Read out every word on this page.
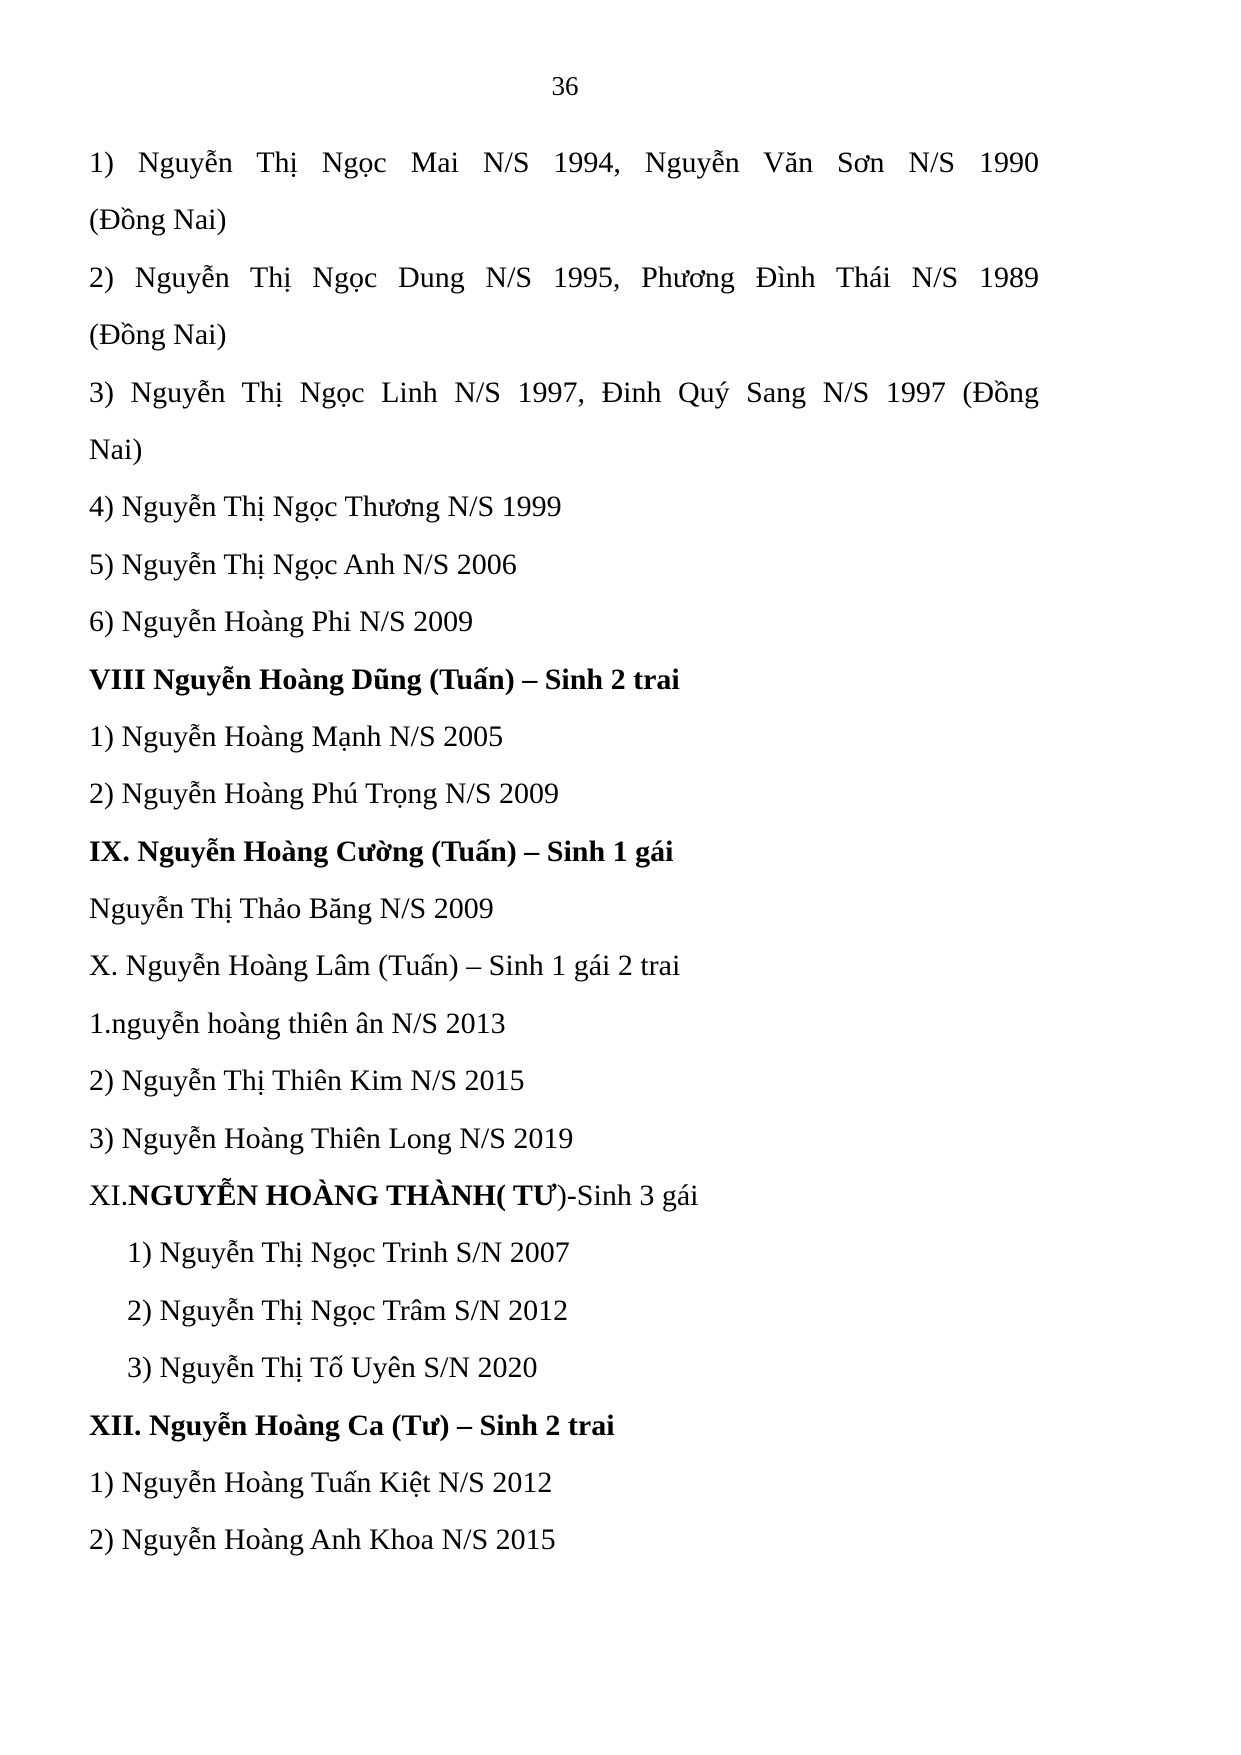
36
1) Nguyễn Thị Ngọc Mai N/S 1994, Nguyễn Văn Sơn N/S 1990
(Đồng Nai)
2) Nguyễn Thị Ngọc Dung N/S 1995, Phương Đình Thái N/S 1989
(Đồng Nai)
3) Nguyễn Thị Ngọc Linh N/S 1997, Đinh Quý Sang N/S 1997 (Đồng
Nai)
4) Nguyễn Thị Ngọc Thương N/S 1999
5) Nguyễn Thị Ngọc Anh N/S 2006
6) Nguyễn Hoàng Phi N/S 2009
VIII Nguyễn Hoàng Dũng (Tuấn) – Sinh 2 trai
1) Nguyễn Hoàng Mạnh N/S 2005
2) Nguyễn Hoàng Phú Trọng N/S 2009
IX. Nguyễn Hoàng Cường (Tuấn) – Sinh 1 gái
Nguyễn Thị Thảo Băng N/S 2009
X. Nguyễn Hoàng Lâm (Tuấn) – Sinh 1 gái 2 trai
1.nguyễn hoàng thiên ân N/S 2013
2) Nguyễn Thị Thiên Kim N/S 2015
3) Nguyễn Hoàng Thiên Long N/S 2019
XI.NGUYỄN HOÀNG THÀNH( TƯ)-Sinh 3 gái
1) Nguyễn Thị Ngọc Trinh S/N 2007
2) Nguyễn Thị Ngọc Trâm S/N 2012
3) Nguyễn Thị Tố Uyên S/N 2020
XII. Nguyễn Hoàng Ca (Tư) – Sinh 2 trai
1) Nguyễn Hoàng Tuấn Kiệt N/S 2012
2) Nguyễn Hoàng Anh Khoa N/S 2015
